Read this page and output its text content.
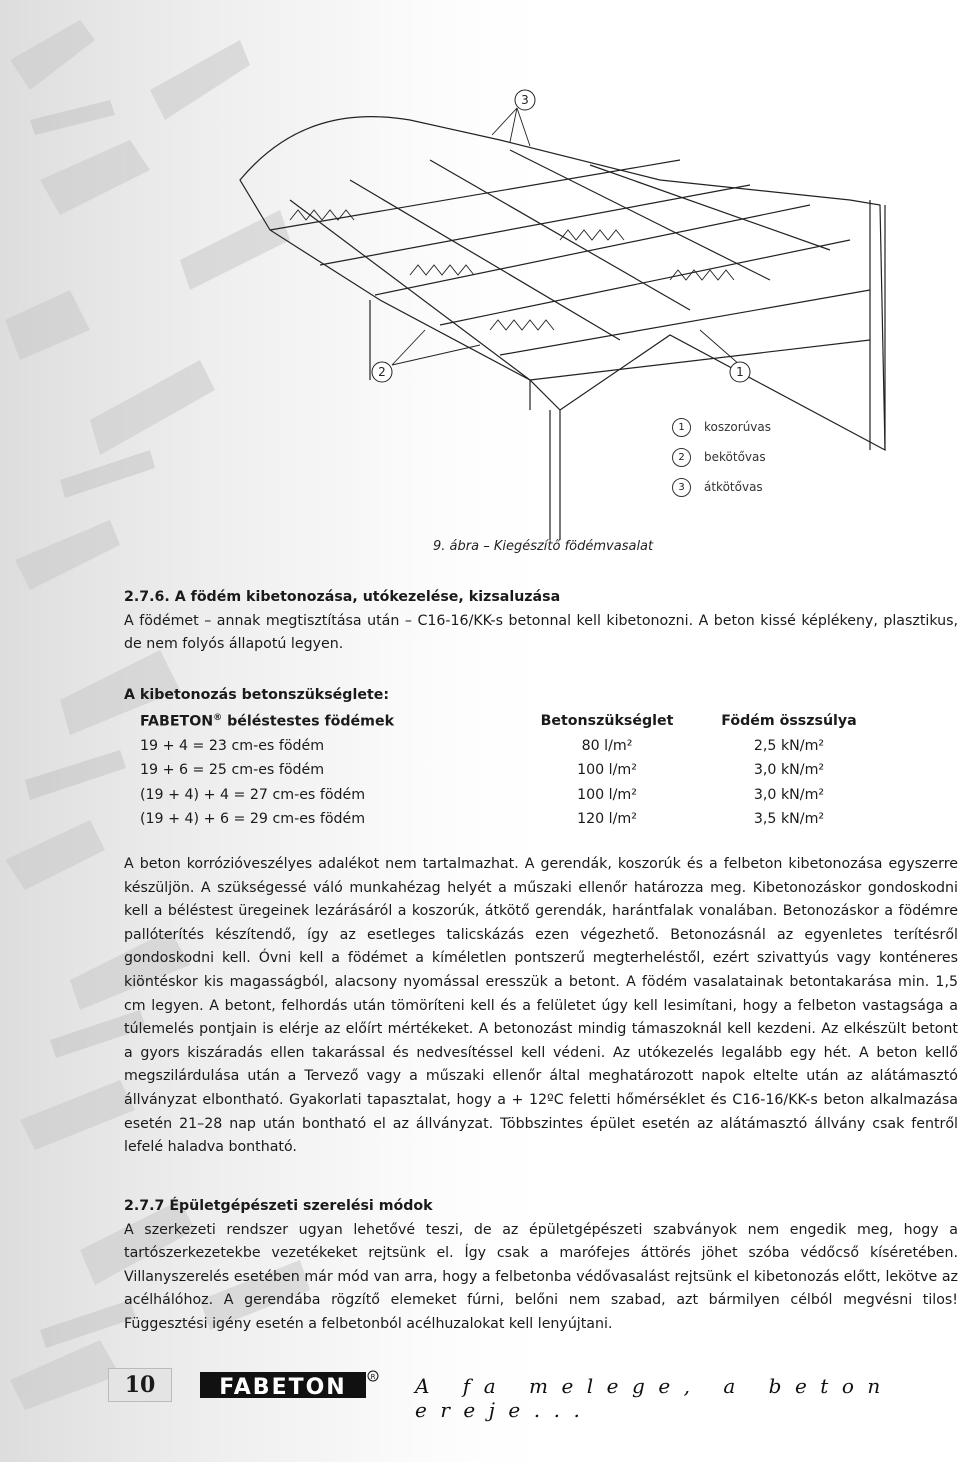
3
2	1
1	koszorúvas
2	bekötővas
3	átkötővas
9. ábra – Kiegészítő födémvasalat
2.7.6. A födém kibetonozása, utókezelése, kizsaluzása
A födémet – annak megtisztítása után – C16-16/KK-s betonnal kell kibetonozni. A beton kissé képlékeny, plasztikus, de nem folyós állapotú legyen.
A kibetonozás betonszükséglete:
FABETON® béléstestes födémek	Betonszükséglet	Födém összsúlya
19 + 4 = 23 cm-es födém	80 l/m²	2,5 kN/m²
19 + 6 = 25 cm-es födém	100 l/m²	3,0 kN/m²
(19 + 4) + 4 = 27 cm-es födém	100 l/m²	3,0 kN/m²
(19 + 4) + 6 = 29 cm-es födém	120 l/m²	3,5 kN/m²
A beton korrózióveszélyes adalékot nem tartalmazhat. A gerendák, koszorúk és a felbeton kibetonozása egyszerre készüljön. A szükségessé váló munkahézag helyét a műszaki ellenőr határozza meg. Kibetonozáskor gondoskodni kell a béléstest üregeinek lezárásáról a koszorúk, átkötő gerendák, harántfalak vonalában. Betonozáskor a födémre pallóterítés készítendő, így az esetleges talicskázás ezen végezhető. Betonozásnál az egyenletes terítésről gondoskodni kell. Óvni kell a födémet a kíméletlen pontszerű megterheléstől, ezért szivattyús vagy konténeres kiöntéskor kis magasságból, alacsony nyomással eresszük a betont. A födém vasalatainak betontakarása min. 1,5 cm legyen. A betont, felhordás után tömöríteni kell és a felületet úgy kell lesimítani, hogy a felbeton vastagsága a túlemelés pontjain is elérje az előírt mértékeket. A betonozást mindig támaszoknál kell kezdeni. Az elkészült betont a gyors kiszáradás ellen takarással és nedvesítéssel kell védeni. Az utókezelés legalább egy hét. A beton kellő megszilárdulása után a Tervező vagy a műszaki ellenőr által meghatározott napok eltelte után az alátámasztó állványzat elbontható. Gyakorlati tapasztalat, hogy a + 12ºC feletti hőmérséklet és C16-16/KK-s beton alkalmazása esetén 21–28 nap után bontható el az állványzat. Többszintes épület esetén az alátámasztó állvány csak fentről lefelé haladva bontható.
2.7.7 Épületgépészeti szerelési módok
A szerkezeti rendszer ugyan lehetővé teszi, de az épületgépészeti szabványok nem engedik meg, hogy a tartószerkezetekbe vezetékeket rejtsünk el. Így csak a marófejes áttörés jöhet szóba védőcső kíséretében. Villanyszerelés esetében már mód van arra, hogy a felbetonba védővasalást rejtsünk el kibetonozás előtt, lekötve az acélhálóhoz. A gerendába rögzítő elemeket fúrni, belőni nem szabad, azt bármilyen célból megvésni tilos! Függesztési igény esetén a felbetonból acélhuzalokat kell lenyújtani.
10	FABETON	R A fa melege, a beton ereje...
